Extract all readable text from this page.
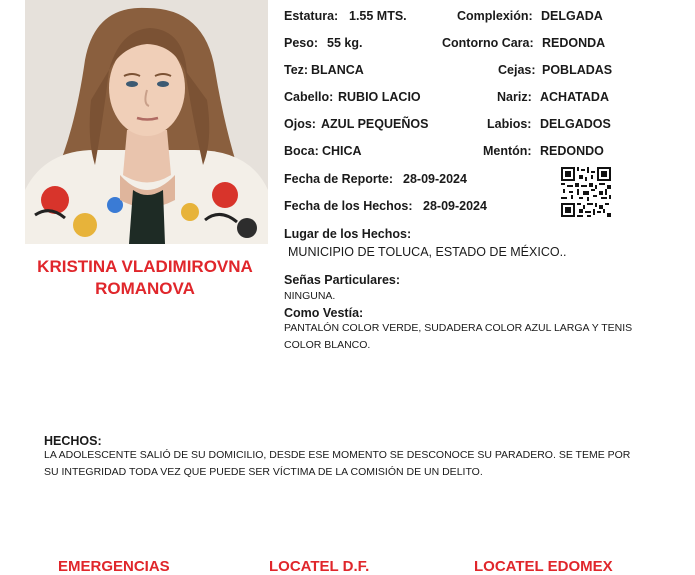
KRISTINA VLADIMIROVNA
ROMANOVA
Estatura: 1.55 MTS.	Complexión: DELGADA
Peso: 55 kg.	Contorno Cara: REDONDA
Tez: BLANCA	Cejas: POBLADAS
Cabello: RUBIO LACIO	Nariz: ACHATADA
Ojos: AZUL PEQUEÑOS	Labios: DELGADOS
Boca: CHICA	Mentón: REDONDO
Fecha de Reporte: 28-09-2024
Fecha de los Hechos: 28-09-2024
Lugar de los Hechos:
MUNICIPIO DE TOLUCA, ESTADO DE MÉXICO..
Señas Particulares:
NINGUNA.
Como Vestía:
PANTALÓN COLOR VERDE, SUDADERA COLOR AZUL LARGA Y TENIS
COLOR BLANCO.
HECHOS:
LA ADOLESCENTE SALIÓ DE SU DOMICILIO, DESDE ESE MOMENTO SE DESCONOCE SU PARADERO. SE TEME POR
SU INTEGRIDAD TODA VEZ QUE PUEDE SER VÍCTIMA DE LA COMISIÓN DE UN DELITO.
EMERGENCIAS	LOCATEL D.F.	LOCATEL EDOMEX
